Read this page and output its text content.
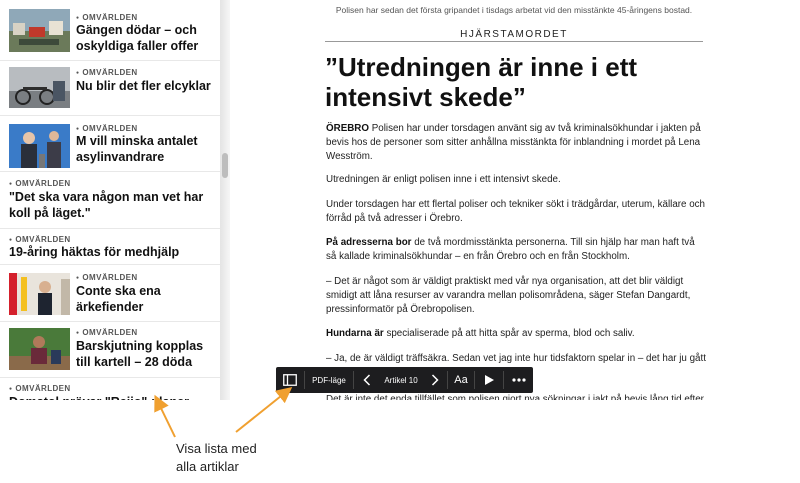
● OMVÄRLDEN
Gängen dödar – och oskyldiga faller offer
● OMVÄRLDEN
Nu blir det fler elcyklar
● OMVÄRLDEN
M vill minska antalet asylinvandrare
● OMVÄRLDEN
"Det ska vara någon man vet har koll på läget."
● OMVÄRLDEN
19-åring häktas för medhjälp
● OMVÄRLDEN
Conte ska ena ärkefiender
● OMVÄRLDEN
Barskjutning kopplas till kartell – 28 döda
● OMVÄRLDEN
Polisen har sedan det första gripandet i tisdags arbetat vid den misstänkte 45-åringens bostad.
HJÄRSTAMORDET
”Utredningen är inne i ett intensivt skede”

ÖREBRO Polisen har under torsdagen använt sig av två kriminalsökhundar i jakten på bevis hos de personer som sitter anhållna misstänkta för inblandning i mordet på Lena Wesström.

Utredningen är enligt polisen inne i ett intensivt skede.

Under torsdagen har ett flertal poliser och tekniker sökt i trädgårdar, uterum, källare och förråd på två adresser i Örebro.

På adresserna bor de två mordmisstänkta personerna. Till sin hjälp har man haft två så kallade kriminalsökhundar – en från Örebro och en från Stockholm.

– Det är något som är väldigt praktiskt med vår nya organisation, att det blir väldigt smidigt att låna resurser av varandra mellan polisområdena, säger Stefan Dangardt, pressinformatör på Örebropolisen.

Hundarna är specialiserade på att hitta spår av sperma, blod och saliv.

– Ja, de är väldigt träffsäkra. Sedan vet jag inte hur tidsfaktorn spelar in – det har ju gått

PDF-läge	Artikel 10	Aa
Visa lista med alla artiklar
